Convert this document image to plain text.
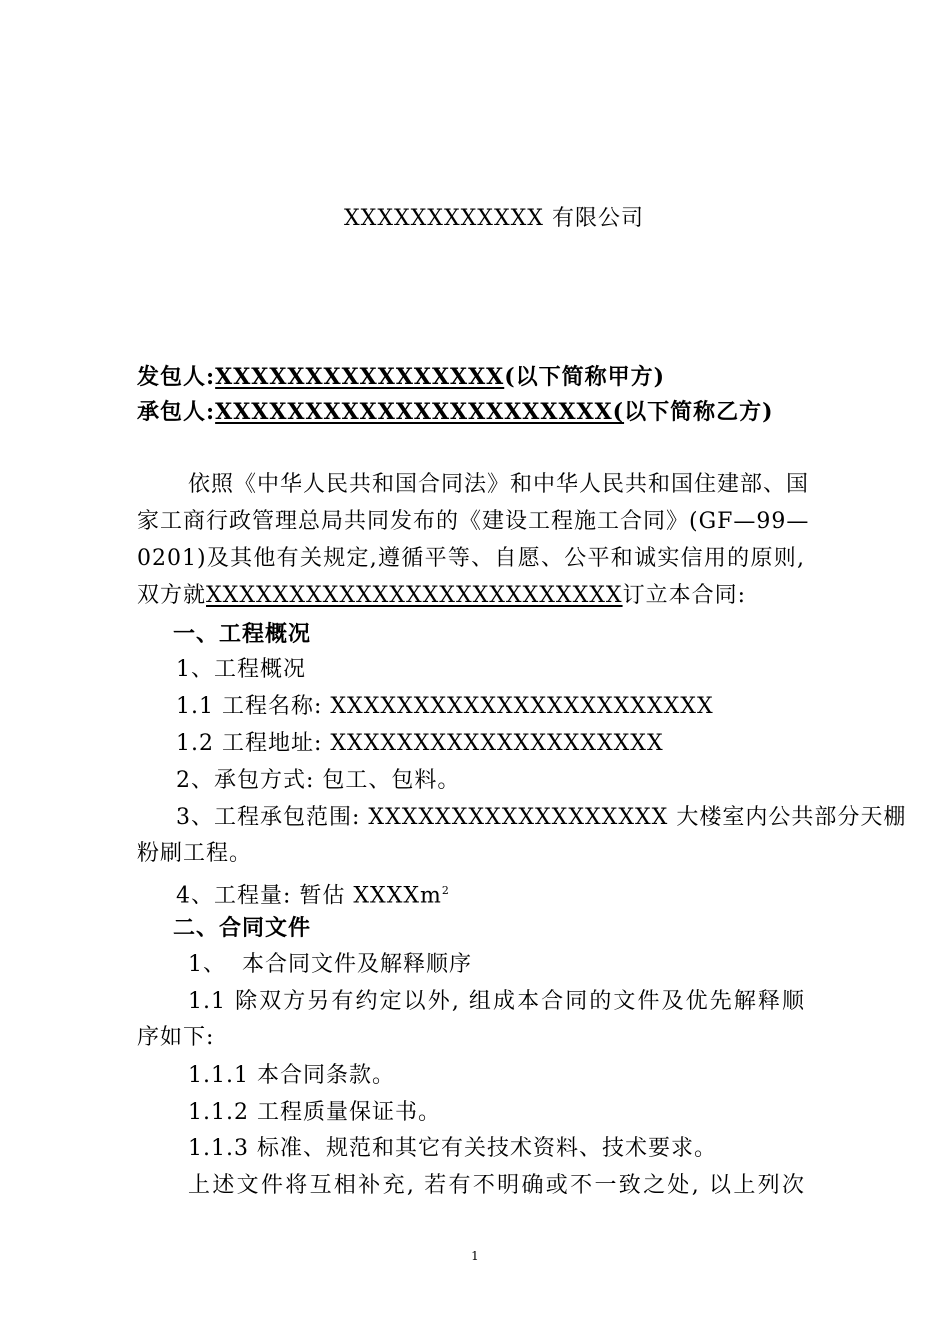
XXXXXXXXXXXX 有限公司
发包人:XXXXXXXXXXXXXXXX(以下简称甲方)
承包人:XXXXXXXXXXXXXXXXXXXXXX(以下简称乙方)
依照《中华人民共和国合同法》和中华人民共和国住建部、国
家工商行政管理总局共同发布的《建设工程施工合同》(GF—99—
0201)及其他有关规定,遵循平等、自愿、公平和诚实信用的原则,
双方就XXXXXXXXXXXXXXXXXXXXXXXXX订立本合同:
一、工程概况
1、工程概况
1.1 工程名称: XXXXXXXXXXXXXXXXXXXXXXX
1.2 工程地址: XXXXXXXXXXXXXXXXXXXX
2、承包方式: 包工、包料。
3、工程承包范围: XXXXXXXXXXXXXXXXXX 大楼室内公共部分天棚
粉刷工程。
4、工程量: 暂估 XXXXm$^2$
二、合同文件
1、  本合同文件及解释顺序
1.1 除双方另有约定以外, 组成本合同的文件及优先解释顺
序如下:
1.1.1 本合同条款。
1.1.2 工程质量保证书。
1.1.3 标准、规范和其它有关技术资料、技术要求。
上述文件将互相补充, 若有不明确或不一致之处, 以上列次
1
